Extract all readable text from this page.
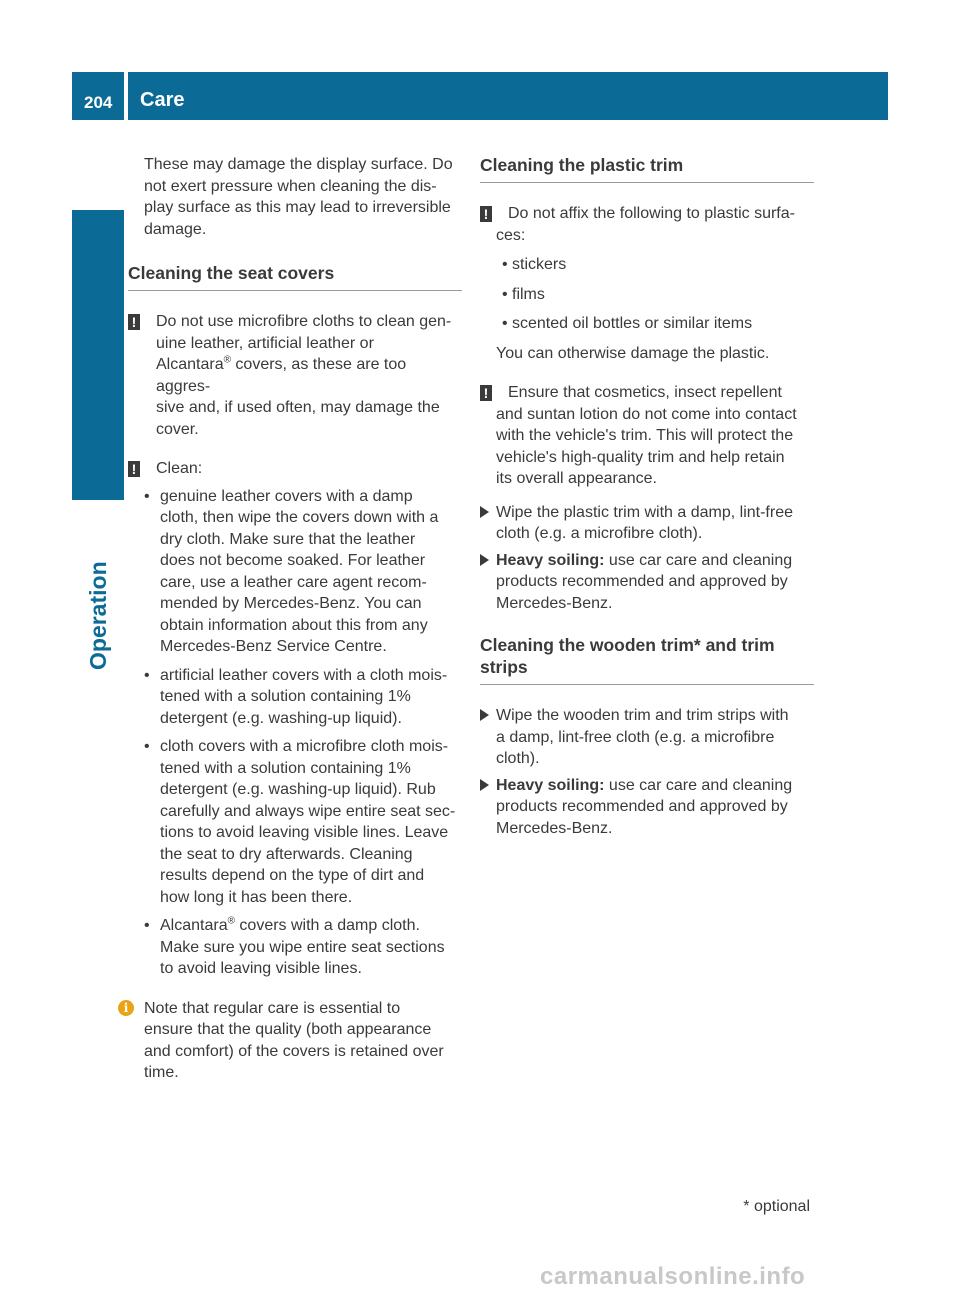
204 Care
Operation

These may damage the display surface. Do

not exert pressure when cleaning the dis-

play surface as this may lead to irreversible

damage.

Cleaning the seat covers
! Do not use microfibre cloths to clean gen-

uine leather, artificial leather or

Alcantara® covers, as these are too aggres-

sive and, if used often, may damage the

cover.

! Clean:

• genuine leather covers with a damp

cloth, then wipe the covers down with a

dry cloth. Make sure that the leather

does not become soaked. For leather

care, use a leather care agent recom-

mended by Mercedes-Benz. You can

obtain information about this from any

Mercedes-Benz Service Centre.

• artificial leather covers with a cloth mois-

tened with a solution containing 1%

detergent (e.g. washing-up liquid).

• cloth covers with a microfibre cloth mois-

tened with a solution containing 1%

detergent (e.g. washing-up liquid). Rub

carefully and always wipe entire seat sec-

tions to avoid leaving visible lines. Leave

the seat to dry afterwards. Cleaning

results depend on the type of dirt and

how long it has been there.

• Alcantara® covers with a damp cloth.

Make sure you wipe entire seat sections

to avoid leaving visible lines.

i Note that regular care is essential to

ensure that the quality (both appearance

and comfort) of the covers is retained over

time.

Cleaning the plastic trim
! Do not affix the following to plastic surfa-

ces:

• stickers

• films

• scented oil bottles or similar items

You can otherwise damage the plastic.

! Ensure that cosmetics, insect repellent

and suntan lotion do not come into contact

with the vehicle's trim. This will protect the

vehicle's high-quality trim and help retain

its overall appearance.

Wipe the plastic trim with a damp, lint-free

cloth (e.g. a microfibre cloth).

Heavy soiling: use car care and cleaning

products recommended and approved by

Mercedes-Benz.

Cleaning the wooden trim* and trim
strips

Wipe the wooden trim and trim strips with

a damp, lint-free cloth (e.g. a microfibre

cloth).

Heavy soiling: use car care and cleaning

products recommended and approved by

Mercedes-Benz.

* optional
carmanualsonline.info
